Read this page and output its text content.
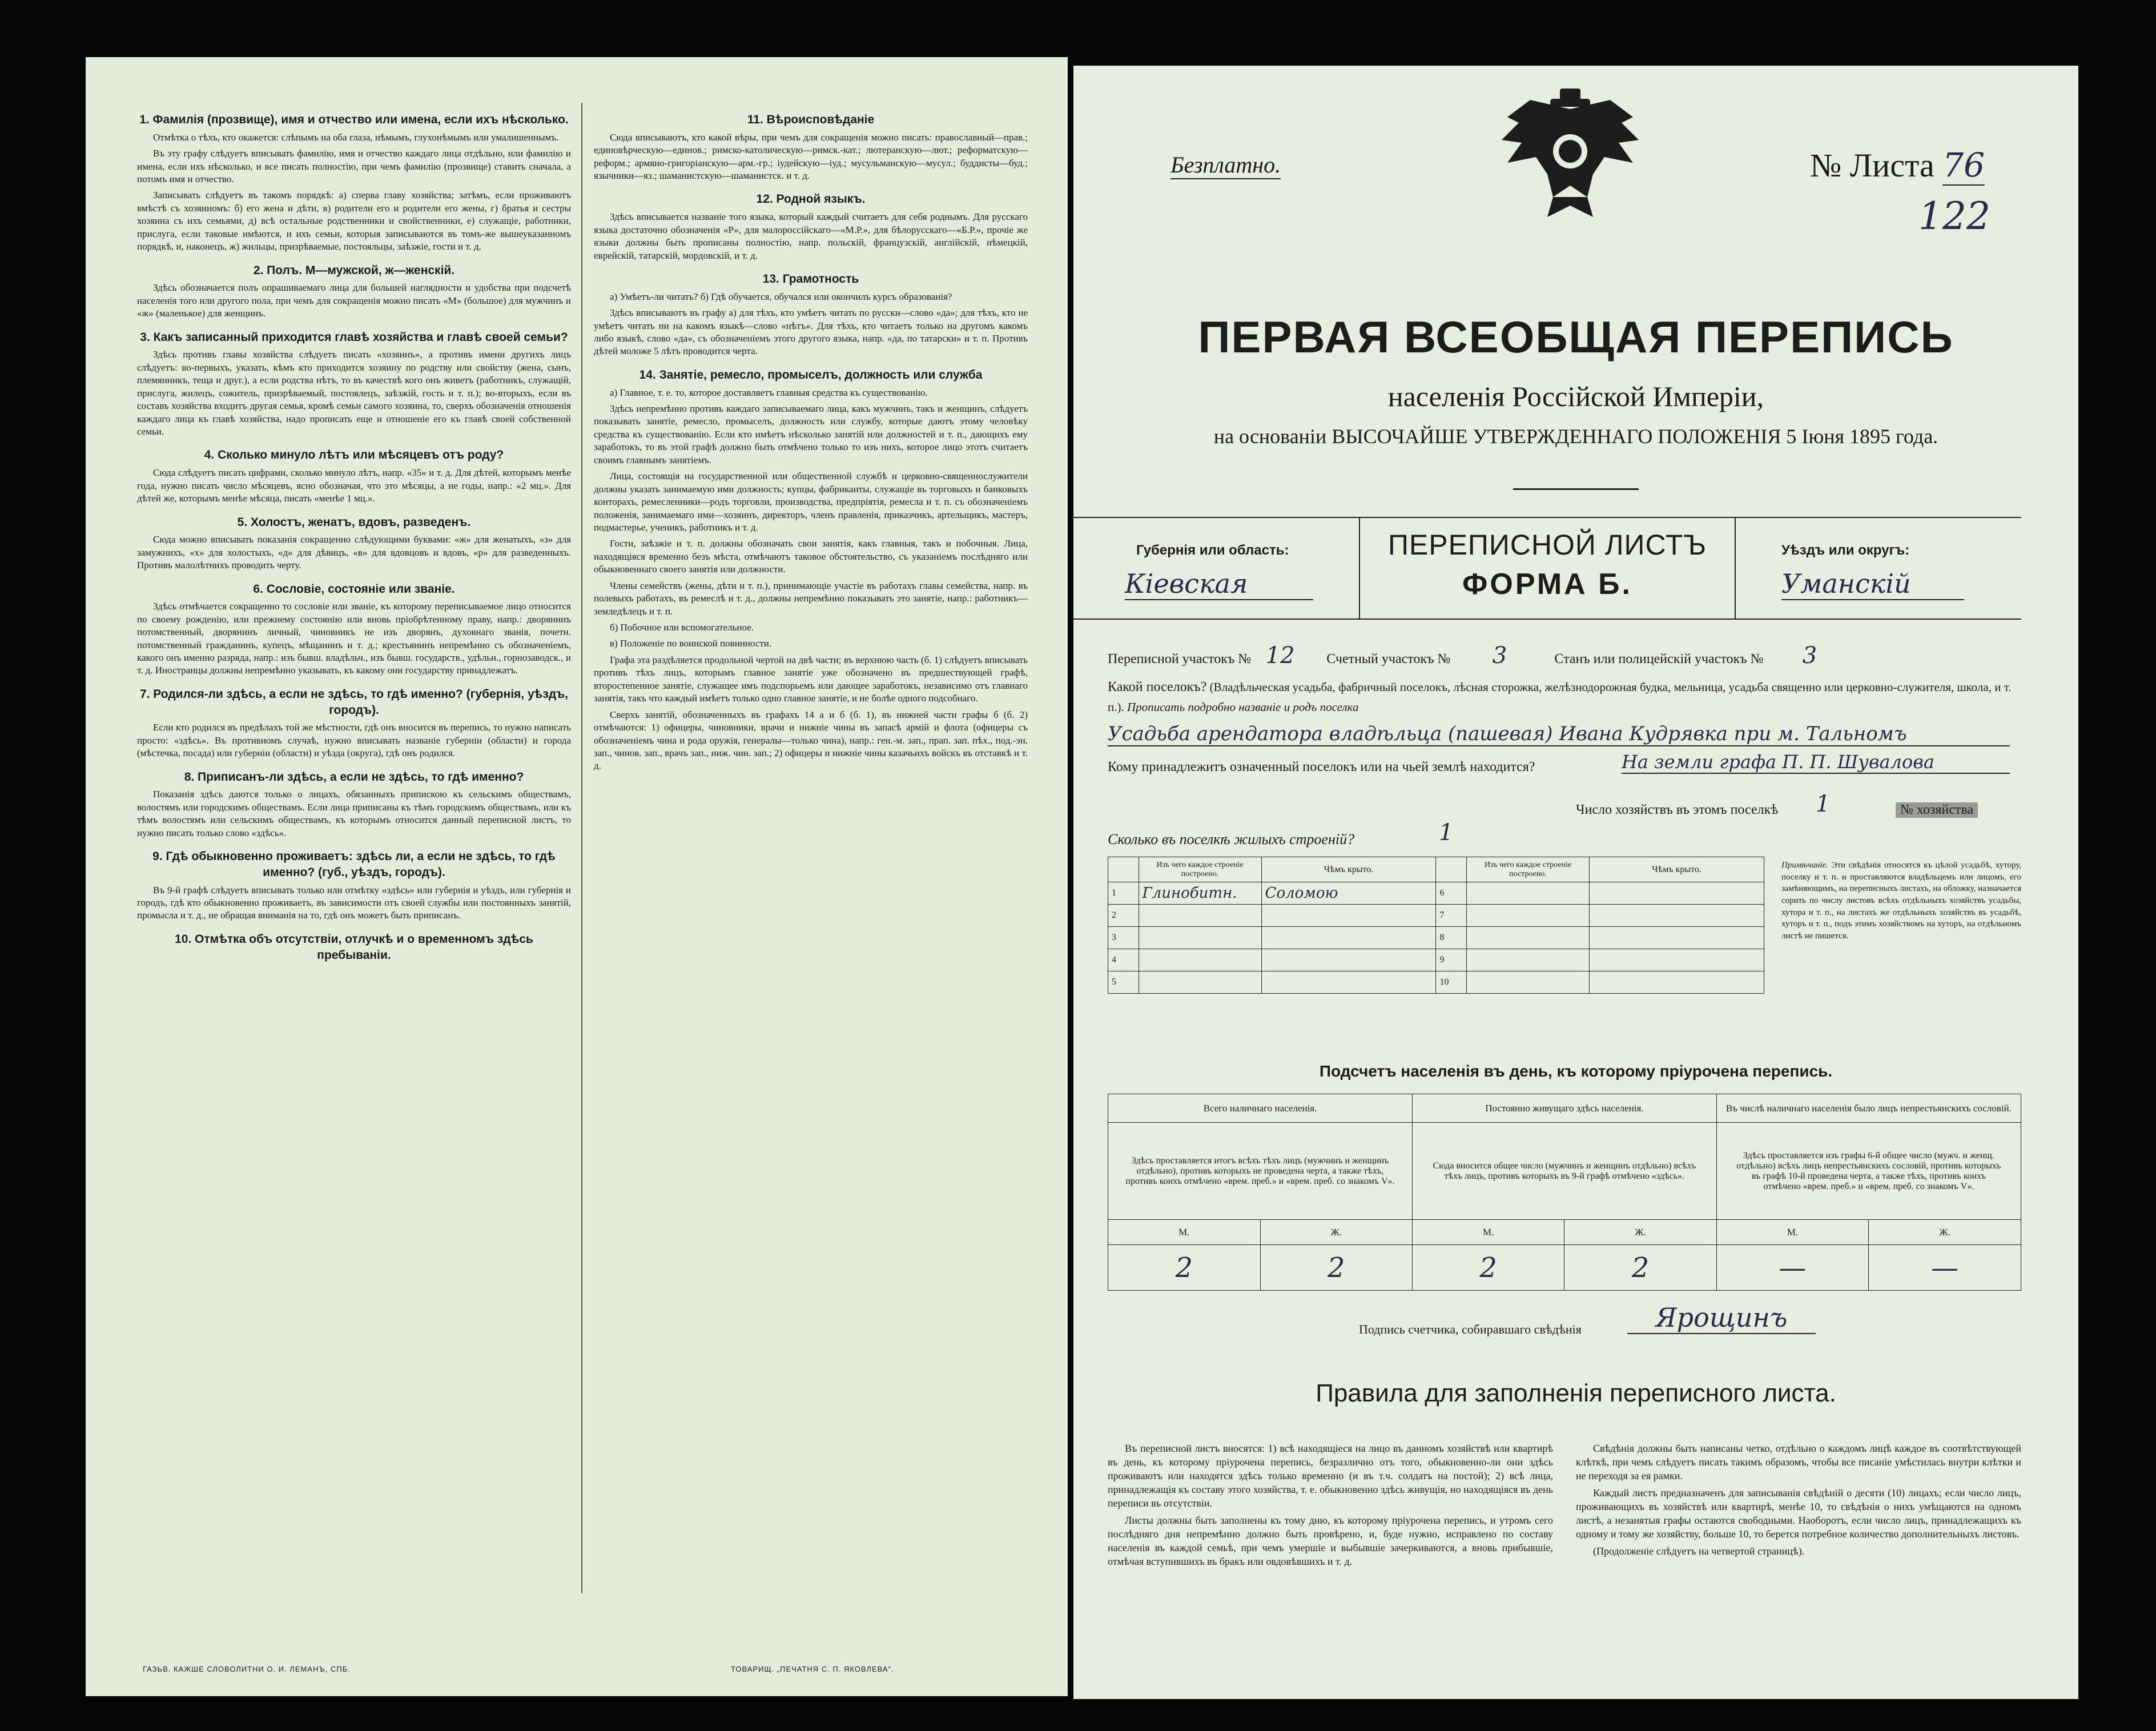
1. Фамилія (прозвище), имя и отчество или имена, если ихъ нѣсколько.

Отмѣтка о тѣхъ, кто окажется: слѣпымъ на оба глаза, нѣмымъ, глухонѣмымъ или умалишеннымъ.

Въ эту графу слѣдуетъ вписывать фамилію, имя и отчество каждаго лица отдѣльно, или фамилію и имена, если ихъ нѣсколько, и все писать полностію, при чемъ фамилію (прозвище) ставить сначала, а потомъ имя и отчество.

Записывать слѣдуетъ въ такомъ порядкѣ: а) сперва главу хозяйства; затѣмъ, если проживаютъ вмѣстѣ съ хозяиномъ: б) его жена и дѣти, в) родители его и родители его жены, г) братья и сестры хозяина съ ихъ семьями, д) всѣ остальные родственники и свойственники, е) служащіе, работники, прислуга, если таковые имѣются, и ихъ семьи, которыя записываются въ томъ-же вышеуказанномъ порядкѣ, и, наконецъ, ж) жильцы, призрѣваемые, постояльцы, заѣзжіе, гости и т. д.

2. Полъ. М—мужской, ж—женскій.

Здѣсь обозначается полъ опрашиваемаго лица для большей наглядности и удобства при подсчетѣ населенія того или другого пола, при чемъ для сокращенія можно писать «М» (большое) для мужчинъ и «ж» (маленькое) для женщинъ.

3. Какъ записанный приходится главѣ хозяйства и главѣ своей семьи?

Здѣсь противъ главы хозяйства слѣдуетъ писать «хозяинъ», а противъ имени другихъ лицъ слѣдуетъ: во-первыхъ, указать, кѣмъ кто приходится хозяину по родству или свойству (жена, сынъ, племянникъ, теща и друг.), а если родства нѣтъ, то въ качествѣ кого онъ живетъ (работникъ, служащій, прислуга, жилецъ, сожитель, призрѣваемый, постоялецъ, заѣзжій, гость и т. п.); во-вторыхъ, если въ составъ хозяйства входитъ другая семья, кромѣ семьи самого хозяина, то, сверхъ обозначенія отношенія каждаго лица къ главѣ хозяйства, надо прописать еще и отношеніе его къ главѣ своей собственной семьи.

4. Сколько минуло лѣтъ или мѣсяцевъ отъ роду?

Сюда слѣдуетъ писать цифрами, сколько минуло лѣтъ, напр. «35» и т. д. Для дѣтей, которымъ менѣе года, нужно писать число мѣсяцевъ, ясно обозначая, что это мѣсяцы, а не годы, напр.: «2 мц.». Для дѣтей же, которымъ менѣе мѣсяца, писать «менѣе 1 мц.».

5. Холостъ, женатъ, вдовъ, разведенъ.

Сюда можно вписывать показанія сокращенно слѣдующими буквами: «ж» для женатыхъ, «з» для замужнихъ, «х» для холостыхъ, «д» для дѣвицъ, «в» для вдовцовъ и вдовъ, «р» для разведенныхъ. Противъ малолѣтнихъ проводить черту.

6. Сословіе, состояніе или званіе.

Здѣсь отмѣчается сокращенно то сословіе или званіе, къ которому переписываемое лицо относится по своему рожденію, или прежнему состоянію или вновь пріобрѣтенному праву, напр.: дворянинъ потомственный, дворянинъ личный, чиновникъ не изъ дворянъ, духовнаго званія, почетн. потомственный гражданинъ, купецъ, мѣщанинъ и т. д.; крестьянинъ непремѣнно съ обозначеніемъ, какого онъ именно разряда, напр.: изъ бывш. владѣльч., изъ бывш. государств., удѣльн., горнозаводск., и т. д. Иностранцы должны непремѣнно указывать, къ какому они государству принадлежатъ.

7. Родился-ли здѣсь, а если не здѣсь, то гдѣ именно? (губернія, уѣздъ, городъ).

Если кто родился въ предѣлахъ той же мѣстности, гдѣ онъ вносится въ перепись, то нужно написать просто: «здѣсь». Въ противномъ случаѣ, нужно вписывать названіе губерніи (области) и города (мѣстечка, посада) или губерніи (области) и уѣзда (округа), гдѣ онъ родился.

8. Приписанъ-ли здѣсь, а если не здѣсь, то гдѣ именно?

Показанія здѣсь даются только о лицахъ, обязанныхъ припискою къ сельскимъ обществамъ, волостямъ или городскимъ обществамъ. Если лица приписаны къ тѣмъ городскимъ обществамъ, или къ тѣмъ волостямъ или сельскимъ обществамъ, къ которымъ относится данный переписной листъ, то нужно писать только слово «здѣсь».

9. Гдѣ обыкновенно проживаетъ: здѣсь ли, а если не здѣсь, то гдѣ именно? (губ., уѣздъ, городъ).

Въ 9-й графѣ слѣдуетъ вписывать только или отмѣтку «здѣсь» или губернія и уѣздъ, или губернія и городъ, гдѣ кто обыкновенно проживаетъ, въ зависимости отъ своей службы или постоянныхъ занятій, промысла и т. д., не обращая вниманія на то, гдѣ онъ можетъ быть приписанъ.

10. Отмѣтка объ отсутствіи, отлучкѣ и о временномъ здѣсь пребываніи.
11. Вѣроисповѣданіе

Сюда вписываютъ, кто какой вѣры, при чемъ для сокращенія можно писать: православный—прав.; единовѣрческую—единов.; римско-католическую—римск.-кат.; лютеранскую—лют.; реформатскую—реформ.; армяно-григоріанскую—арм.-гр.; іудейскую—іуд.; мусульманскую—мусул.; буддисты—буд.; язычники—яз.; шаманистскую—шаманистск. и т. д.

12. Родной языкъ.

Здѣсь вписывается названіе того языка, который каждый считаетъ для себя роднымъ. Для русскаго языка достаточно обозначенія «Р», для малороссійскаго—«М.Р.», для бѣлорусскаго—«Б.Р.», прочіе же языки должны быть прописаны полностію, напр. польскій, французскій, англійскій, нѣмецкій, еврейскій, татарскій, мордовскій, и т. д.

13. Грамотность

а) Умѣетъ-ли читать? б) Гдѣ обучается, обучался или окончилъ курсъ образованія?

Здѣсь вписываютъ въ графу а) для тѣхъ, кто умѣетъ читать по русски—слово «да»; для тѣхъ, кто не умѣетъ читать ни на какомъ языкѣ—слово «нѣтъ». Для тѣхъ, кто читаетъ только на другомъ какомъ либо языкѣ, слово «да», съ обозначеніемъ этого другого языка, напр. «да, по татарски» и т. п. Противъ дѣтей моложе 5 лѣтъ проводится черта.

14. Занятіе, ремесло, промыселъ, должность или служба

а) Главное, т. е. то, которое доставляетъ главныя средства къ существованію.

Здѣсь непремѣнно противъ каждаго записываемаго лица, какъ мужчинъ, такъ и женщинъ, слѣдуетъ показывать занятіе, ремесло, промыселъ, должность или службу, которые даютъ этому человѣку средства къ существованію. Если кто имѣетъ нѣсколько занятій или должностей и т. п., дающихъ ему заработокъ, то въ этой графѣ должно быть отмѣчено только то изъ нихъ, которое лицо этотъ считаетъ своимъ главнымъ занятіемъ.

Лица, состоящія на государственной или общественной службѣ и церковно-священнослужители должны указать занимаемую ими должность; купцы, фабриканты, служащіе въ торговыхъ и банковыхъ конторахъ, ремесленники—родъ торговли, производства, предпріятія, ремесла и т. п. съ обозначеніемъ положенія, занимаемаго ими—хозяинъ, директоръ, членъ правленія, приказчикъ, артельщикъ, мастеръ, подмастерье, ученикъ, работникъ и т. д.

Гости, заѣзжіе и т. п. должны обозначать свои занятія, какъ главныя, такъ и побочныя. Лица, находящіяся временно безъ мѣста, отмѣчаютъ таковое обстоятельство, съ указаніемъ послѣдняго или обыкновеннаго своего занятія или должности.

Члены семействъ (жены, дѣти и т. п.), принимающіе участіе въ работахъ главы семейства, напр. въ полевыхъ работахъ, въ ремеслѣ и т. д., должны непремѣнно показывать это занятіе, напр.: работникъ—земледѣлецъ и т. п.

б) Побочное или вспомогательное.

в) Положеніе по воинской повинности.

Графа эта раздѣляется продольной чертой на двѣ части; въ верхнюю часть (б. 1) слѣдуетъ вписывать противъ тѣхъ лицъ, которымъ главное занятіе уже обозначено въ предшествующей графѣ, второстепенное занятіе, служащее имъ подспорьемъ или дающее заработокъ, независимо отъ главнаго занятія, такъ что каждый имѣетъ только одно главное занятіе, и не болѣе одного подсобнаго.

Сверхъ занятій, обозначенныхъ въ графахъ 14 а и б (б. 1), въ нижней части графы б (б. 2) отмѣчаются: 1) офицеры, чиновники, врачи и нижніе чины въ запасѣ армій и флота (офицеры съ обозначеніемъ чина и рода оружія, генералы—только чина), напр.: ген.-м. зап., прап. зап. пѣх., под.-эн. зап., чинов. зап., врачъ зап., ниж. чин. зап.; 2) офицеры и нижніе чины казачьихъ войскъ въ отставкѣ и т. д.

ГАЗЬВ. КАЖШЕ СЛОВОЛИТНИ О. И. ЛЕМАНЪ, СПБ.	ТОВАРИЩ. „ПЕЧАТНЯ С. П. ЯКОВЛЕВА".
Безплатно.	№ Листа 76
122
ПЕРВАЯ ВСЕОБЩАЯ ПЕРЕПИСЬ
населенія Россійской Имперіи,
на основаніи ВЫСОЧАЙШЕ УТВЕРЖДЕННАГО ПОЛОЖЕНІЯ 5 Іюня 1895 года.
ПЕРЕПИСНОЙ ЛИСТЪ
ФОРМА Б.
Губернія или область:
Кіевская
Уѣздъ или округъ:
Уманскій
Переписной участокъ № 12 Счетный участокъ № 3	Станъ или полицейскій участокъ № 3
Какой поселокъ? (Владѣльческая усадьба, фабричный поселокъ, лѣсная сторожка, желѣзнодорожная будка, мельница, усадьба священно или церковно-служителя, школа, и т. п.). Прописать подробно названіе и родъ поселка
Усадьба арендатора владѣльца (пашевая) Ивана Кудрявка при м. Тальномъ
Кому принадлежитъ означенный поселокъ или на чьей землѣ находится?	На земли графа П. П. Шувалова
Число хозяйствъ въ этомъ поселкѣ 1	№ хозяйства
Сколько въ поселкѣ жилыхъ строеній?	1
	Изъ чего каждое строеніе построено.	Чѣмъ крыто.		Изъ чего каждое строеніе построено.	Чѣмъ крыто.
1	Глинобитн.	Соломою	6		
2			7		
3			8		
4			9		
5			10		
Примѣчаніе. Эти свѣдѣнія относятся къ цѣлой усадьбѣ, хутору, поселку и т. п. и проставляются владѣльцемъ или лицомъ, его замѣняющимъ, на переписныхъ листахъ, на обложку, назначается сорить по числу листовъ всѣхъ отдѣльныхъ хозяйствъ усадьбы, хутора и т. п., на листахъ же отдѣльныхъ хозяйствъ въ усадьбѣ, хуторъ и т. п., подъ этимъ хозяйствомъ на хуторъ, на отдѣльномъ листѣ не пишется.
Подсчетъ населенія въ день, къ которому пріурочена перепись.
Всего наличнаго населенія.		Постоянно живущаго здѣсь населенія.		Въ числѣ наличнаго населенія было лицъ непрестьянскихъ сословій.	
Здѣсь проставляется итогъ всѣхъ тѣхъ лицъ (мужчинъ и женщинъ отдѣльно), противъ которыхъ не проведена черта, а также тѣхъ, противъ коихъ отмѣчено «врем. преб.» и «врем. преб. со знакомъ V».		Сюда вносится общее число (мужчинъ и женщинъ отдѣльно) всѣхъ тѣхъ лицъ, противъ которыхъ въ 9-й графѣ отмѣчено «здѣсь».		Здѣсь проставляется изъ графы 6-й общее число (мужч. и женщ. отдѣльно) всѣхъ лицъ непрестьянскихъ сословій, противъ которыхъ въ графѣ 10-й проведена черта, а также тѣхъ, противъ коихъ отмѣчено «врем. преб.» и «врем. преб. со знакомъ V».	
М.	Ж.	М.	Ж.	М.	Ж.
2	2	2	2	—	—
Подпись счетчика, собиравшаго свѣдѣнія	Ярощинъ
Правила для заполненія переписного листа.

Въ переписной листъ вносятся: 1) всѣ находящіеся на лицо въ данномъ хозяйствѣ или квартирѣ въ день, къ которому пріурочена перепись, безразлично отъ того, обыкновенно-ли они здѣсь проживаютъ или находятся здѣсь только временно (и въ т.ч. солдатъ на постой); 2) всѣ лица, принадлежащія къ составу этого хозяйства, т. е. обыкновенно здѣсь живущія, но находящіяся въ день переписи въ отсутствіи.

Листы должны быть заполнены къ тому дню, къ которому пріурочена перепись, и утромъ сего послѣдняго дня непремѣнно должно быть провѣрено, и, буде нужно, исправлено по составу населенія въ каждой семьѣ, при чемъ умершіе и выбывшіе зачеркиваются, а вновь прибывшіе, отмѣчая вступившихъ въ бракъ или овдовѣвшихъ и т. д.

Свѣдѣнія должны быть написаны четко, отдѣльно о каждомъ лицѣ каждое въ соотвѣтствующей клѣткѣ, при чемъ слѣдуетъ писать такимъ образомъ, чтобы все писаніе умѣстилась внутри клѣтки и не переходя за ея рамки.

Каждый листъ предназначенъ для записыванія свѣдѣній о десяти (10) лицахъ; если число лицъ, проживающихъ въ хозяйствѣ или квартирѣ, менѣе 10, то свѣдѣнія о нихъ умѣщаются на одномъ листѣ, а незанятыя графы остаются свободными. Наоборотъ, если число лицъ, принадлежащихъ къ одному и тому же хозяйству, больше 10, то берется потребное количество дополнительныхъ листовъ.

(Продолженіе слѣдуетъ на четвертой страницѣ).
